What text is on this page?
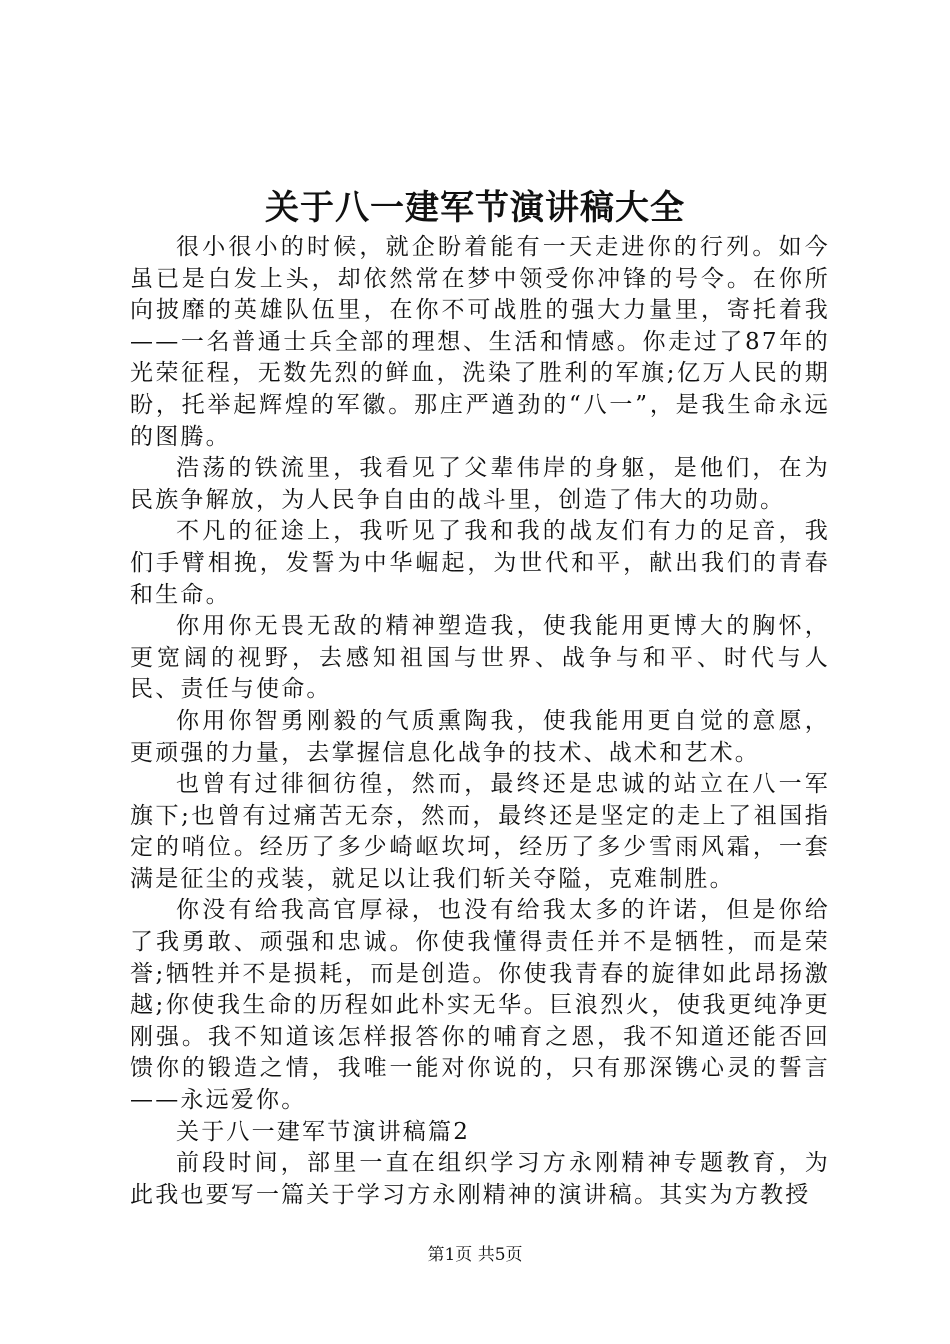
关于八一建军节演讲稿大全

很小很小的时候，就企盼着能有一天走进你的行列。如今虽已是白发上头，却依然常在梦中领受你冲锋的号令。在你所向披靡的英雄队伍里，在你不可战胜的强大力量里，寄托着我——一名普通士兵全部的理想、生活和情感。你走过了87年的光荣征程，无数先烈的鲜血，洗染了胜利的军旗;亿万人民的期盼，托举起辉煌的军徽。那庄严遒劲的“八一”，是我生命永远的图腾。

浩荡的铁流里，我看见了父辈伟岸的身躯，是他们，在为民族争解放，为人民争自由的战斗里，创造了伟大的功勋。

不凡的征途上，我听见了我和我的战友们有力的足音，我们手臂相挽，发誓为中华崛起，为世代和平，献出我们的青春和生命。

你用你无畏无敌的精神塑造我，使我能用更博大的胸怀，更宽阔的视野，去感知祖国与世界、战争与和平、时代与人民、责任与使命。

你用你智勇刚毅的气质熏陶我，使我能用更自觉的意愿，更顽强的力量，去掌握信息化战争的技术、战术和艺术。

也曾有过徘徊彷徨，然而，最终还是忠诚的站立在八一军旗下;也曾有过痛苦无奈，然而，最终还是坚定的走上了祖国指定的哨位。经历了多少崎岖坎坷，经历了多少雪雨风霜，一套满是征尘的戎装，就足以让我们斩关夺隘，克难制胜。

你没有给我高官厚禄，也没有给我太多的许诺，但是你给了我勇敢、顽强和忠诚。你使我懂得责任并不是牺牲，而是荣誉;牺牲并不是损耗，而是创造。你使我青春的旋律如此昂扬激越;你使我生命的历程如此朴实无华。巨浪烈火，使我更纯净更刚强。我不知道该怎样报答你的哺育之恩，我不知道还能否回馈你的锻造之情，我唯一能对你说的，只有那深镌心灵的誓言——永远爱你。

关于八一建军节演讲稿篇2

前段时间，部里一直在组织学习方永刚精神专题教育，为此我也要写一篇关于学习方永刚精神的演讲稿。其实为方教授

第1页 共5页
